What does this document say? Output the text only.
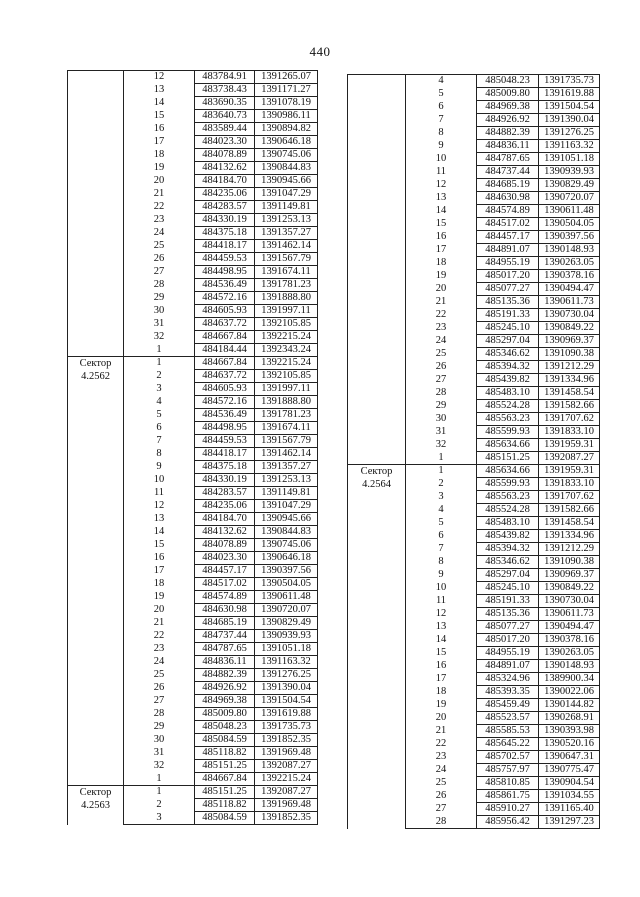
440
	12	483784.91	1391265.07
	13	483738.43	1391171.27
	14	483690.35	1391078.19
	15	483640.73	1390986.11
	16	483589.44	1390894.82
	17	484023.30	1390646.18
	18	484078.89	1390745.06
	19	484132.62	1390844.83
	20	484184.70	1390945.66
	21	484235.06	1391047.29
	22	484283.57	1391149.81
	23	484330.19	1391253.13
	24	484375.18	1391357.27
	25	484418.17	1391462.14
	26	484459.53	1391567.79
	27	484498.95	1391674.11
	28	484536.49	1391781.23
	29	484572.16	1391888.80
	30	484605.93	1391997.11
	31	484637.72	1392105.85
	32	484667.84	1392215.24
	1	484184.44	1392343.24

Сектор
4.2562	1	484667.84	1392215.24
	2	484637.72	1392105.85
	3	484605.93	1391997.11
	4	484572.16	1391888.80
	5	484536.49	1391781.23
	6	484498.95	1391674.11
	7	484459.53	1391567.79
	8	484418.17	1391462.14
	9	484375.18	1391357.27
	10	484330.19	1391253.13
	11	484283.57	1391149.81
	12	484235.06	1391047.29
	13	484184.70	1390945.66
	14	484132.62	1390844.83
	15	484078.89	1390745.06
	16	484023.30	1390646.18
	17	484457.17	1390397.56
	18	484517.02	1390504.05
	19	484574.89	1390611.48
	20	484630.98	1390720.07
	21	484685.19	1390829.49
	22	484737.44	1390939.93
	23	484787.65	1391051.18
	24	484836.11	1391163.32
	25	484882.39	1391276.25
	26	484926.92	1391390.04
	27	484969.38	1391504.54
	28	485009.80	1391619.88
	29	485048.23	1391735.73
	30	485084.59	1391852.35
	31	485118.82	1391969.48
	32	485151.25	1392087.27
	1	484667.84	1392215.24

Сектор
4.2563	1	485151.25	1392087.27
	2	485118.82	1391969.48
	3	485084.59	1391852.35
	4	485048.23	1391735.73
	5	485009.80	1391619.88
	6	484969.38	1391504.54
	7	484926.92	1391390.04
	8	484882.39	1391276.25
	9	484836.11	1391163.32
	10	484787.65	1391051.18
	11	484737.44	1390939.93
	12	484685.19	1390829.49
	13	484630.98	1390720.07
	14	484574.89	1390611.48
	15	484517.02	1390504.05
	16	484457.17	1390397.56
	17	484891.07	1390148.93
	18	484955.19	1390263.05
	19	485017.20	1390378.16
	20	485077.27	1390494.47
	21	485135.36	1390611.73
	22	485191.33	1390730.04
	23	485245.10	1390849.22
	24	485297.04	1390969.37
	25	485346.62	1391090.38
	26	485394.32	1391212.29
	27	485439.82	1391334.96
	28	485483.10	1391458.54
	29	485524.28	1391582.66
	30	485563.23	1391707.62
	31	485599.93	1391833.10
	32	485634.66	1391959.31
	1	485151.25	1392087.27

Сектор
4.2564	1	485634.66	1391959.31
	2	485599.93	1391833.10
	3	485563.23	1391707.62
	4	485524.28	1391582.66
	5	485483.10	1391458.54
	6	485439.82	1391334.96
	7	485394.32	1391212.29
	8	485346.62	1391090.38
	9	485297.04	1390969.37
	10	485245.10	1390849.22
	11	485191.33	1390730.04
	12	485135.36	1390611.73
	13	485077.27	1390494.47
	14	485017.20	1390378.16
	15	484955.19	1390263.05
	16	484891.07	1390148.93
	17	485324.96	1389900.34
	18	485393.35	1390022.06
	19	485459.49	1390144.82
	20	485523.57	1390268.91
	21	485585.53	1390393.98
	22	485645.22	1390520.16
	23	485702.57	1390647.31
	24	485757.97	1390775.47
	25	485810.85	1390904.54
	26	485861.75	1391034.55
	27	485910.27	1391165.40
	28	485956.42	1391297.23
